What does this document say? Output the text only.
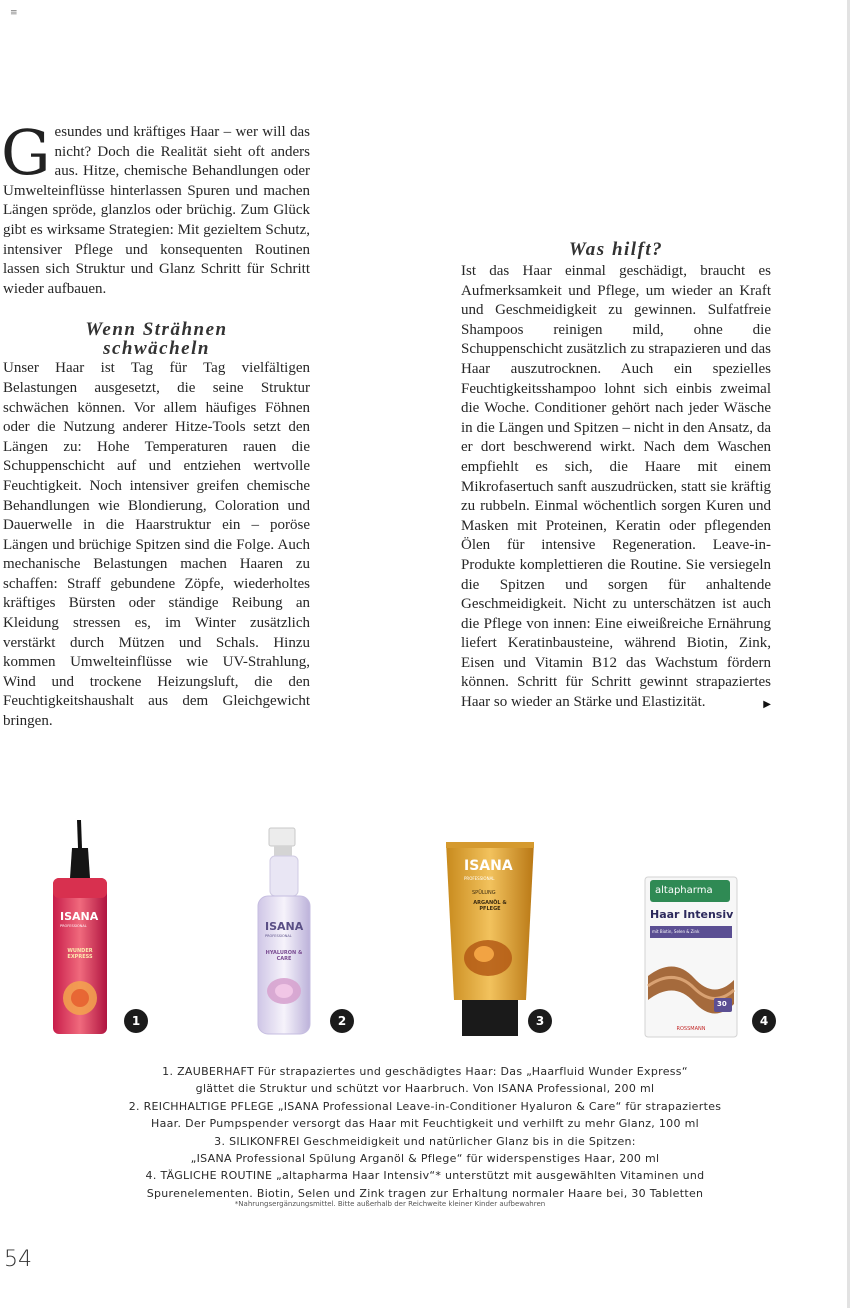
≡

Gesundes und kräftiges Haar – wer will das nicht? Doch die Realität sieht oft anders aus. Hitze, chemische Behandlungen oder Umwelteinflüsse hinterlassen Spuren und machen Längen spröde, glanzlos oder brüchig. Zum Glück gibt es wirksame Strategien: Mit gezieltem Schutz, intensiver Pflege und konsequenten Routinen lassen sich Struktur und Glanz Schritt für Schritt wieder aufbauen.

Wenn Strähnen
schwächeln

Unser Haar ist Tag für Tag vielfältigen Belastungen ausgesetzt, die seine Struktur schwächen können. Vor allem häufiges Föhnen oder die Nutzung anderer Hitze-Tools setzt den Längen zu: Hohe Temperaturen rauen die Schuppenschicht auf und entziehen wertvolle Feuchtigkeit. Noch intensiver greifen chemische Behandlungen wie Blondierung, Coloration und Dauerwelle in die Haarstruktur ein – poröse Längen und brüchige Spitzen sind die Folge. Auch mechanische Belastungen machen Haaren zu schaffen: Straff gebundene Zöpfe, wiederholtes kräftiges Bürsten oder ständige Reibung an Kleidung stressen es, im Winter zusätzlich verstärkt durch Mützen und Schals. Hinzu kommen Umwelteinflüsse wie UV-Strahlung, Wind und trockene Heizungsluft, die den Feuchtigkeitshaushalt aus dem Gleichgewicht bringen.

Was hilft?

Ist das Haar einmal geschädigt, braucht es Aufmerksamkeit und Pflege, um wieder an Kraft und Geschmeidigkeit zu gewinnen. Sulfatfreie Shampoos reinigen mild, ohne die Schuppenschicht zusätzlich zu strapazieren und das Haar auszutrocknen. Auch ein spezielles Feuchtigkeitsshampoo lohnt sich einbis zweimal die Woche. Conditioner gehört nach jeder Wäsche in die Längen und Spitzen – nicht in den Ansatz, da er dort beschwerend wirkt. Nach dem Waschen empfiehlt es sich, die Haare mit einem Mikrofasertuch sanft auszudrücken, statt sie kräftig zu rubbeln. Einmal wöchentlich sorgen Kuren und Masken mit Proteinen, Keratin oder pflegenden Ölen für intensive Regeneration. Leave-in-Produkte komplettieren die Routine. Sie versiegeln die Spitzen und sorgen für anhaltende Geschmeidigkeit. Nicht zu unterschätzen ist auch die Pflege von innen: Eine eiweißreiche Ernährung liefert Keratinbausteine, während Biotin, Zink, Eisen und Vitamin B12 das Wachstum fördern können. Schritt für Schritt gewinnt strapaziertes Haar so wieder an Stärke und Elastizität.	▶

ISANA
PROFESSIONAL
WUNDER EXPRESS
1
ISANA
PROFESSIONAL
HYALURON & CARE
2
ISANA
PROFESSIONAL
SPÜLUNG
ARGANÖL & PFLEGE
3
altapharma
Haar Intensiv
mit Biotin, Selen & Zink
30
ROSSMANN
4
1. ZAUBERHAFT Für strapaziertes und geschädigtes Haar: Das „Haarfluid Wunder Express“
glättet die Struktur und schützt vor Haarbruch. Von ISANA Professional, 200 ml
2. REICHHALTIGE PFLEGE „ISANA Professional Leave-in-Conditioner Hyaluron & Care“ für strapaziertes
Haar. Der Pumpspender versorgt das Haar mit Feuchtigkeit und verhilft zu mehr Glanz, 100 ml
3. SILIKONFREI Geschmeidigkeit und natürlicher Glanz bis in die Spitzen:
„ISANA Professional Spülung Arganöl & Pflege“ für widerspenstiges Haar, 200 ml
4. TÄGLICHE ROUTINE „altapharma Haar Intensiv“* unterstützt mit ausgewählten Vitaminen und
Spurenelementen. Biotin, Selen und Zink tragen zur Erhaltung normaler Haare bei, 30 Tabletten
*Nahrungsergänzungsmittel. Bitte außerhalb der Reichweite kleiner Kinder aufbewahren
54
